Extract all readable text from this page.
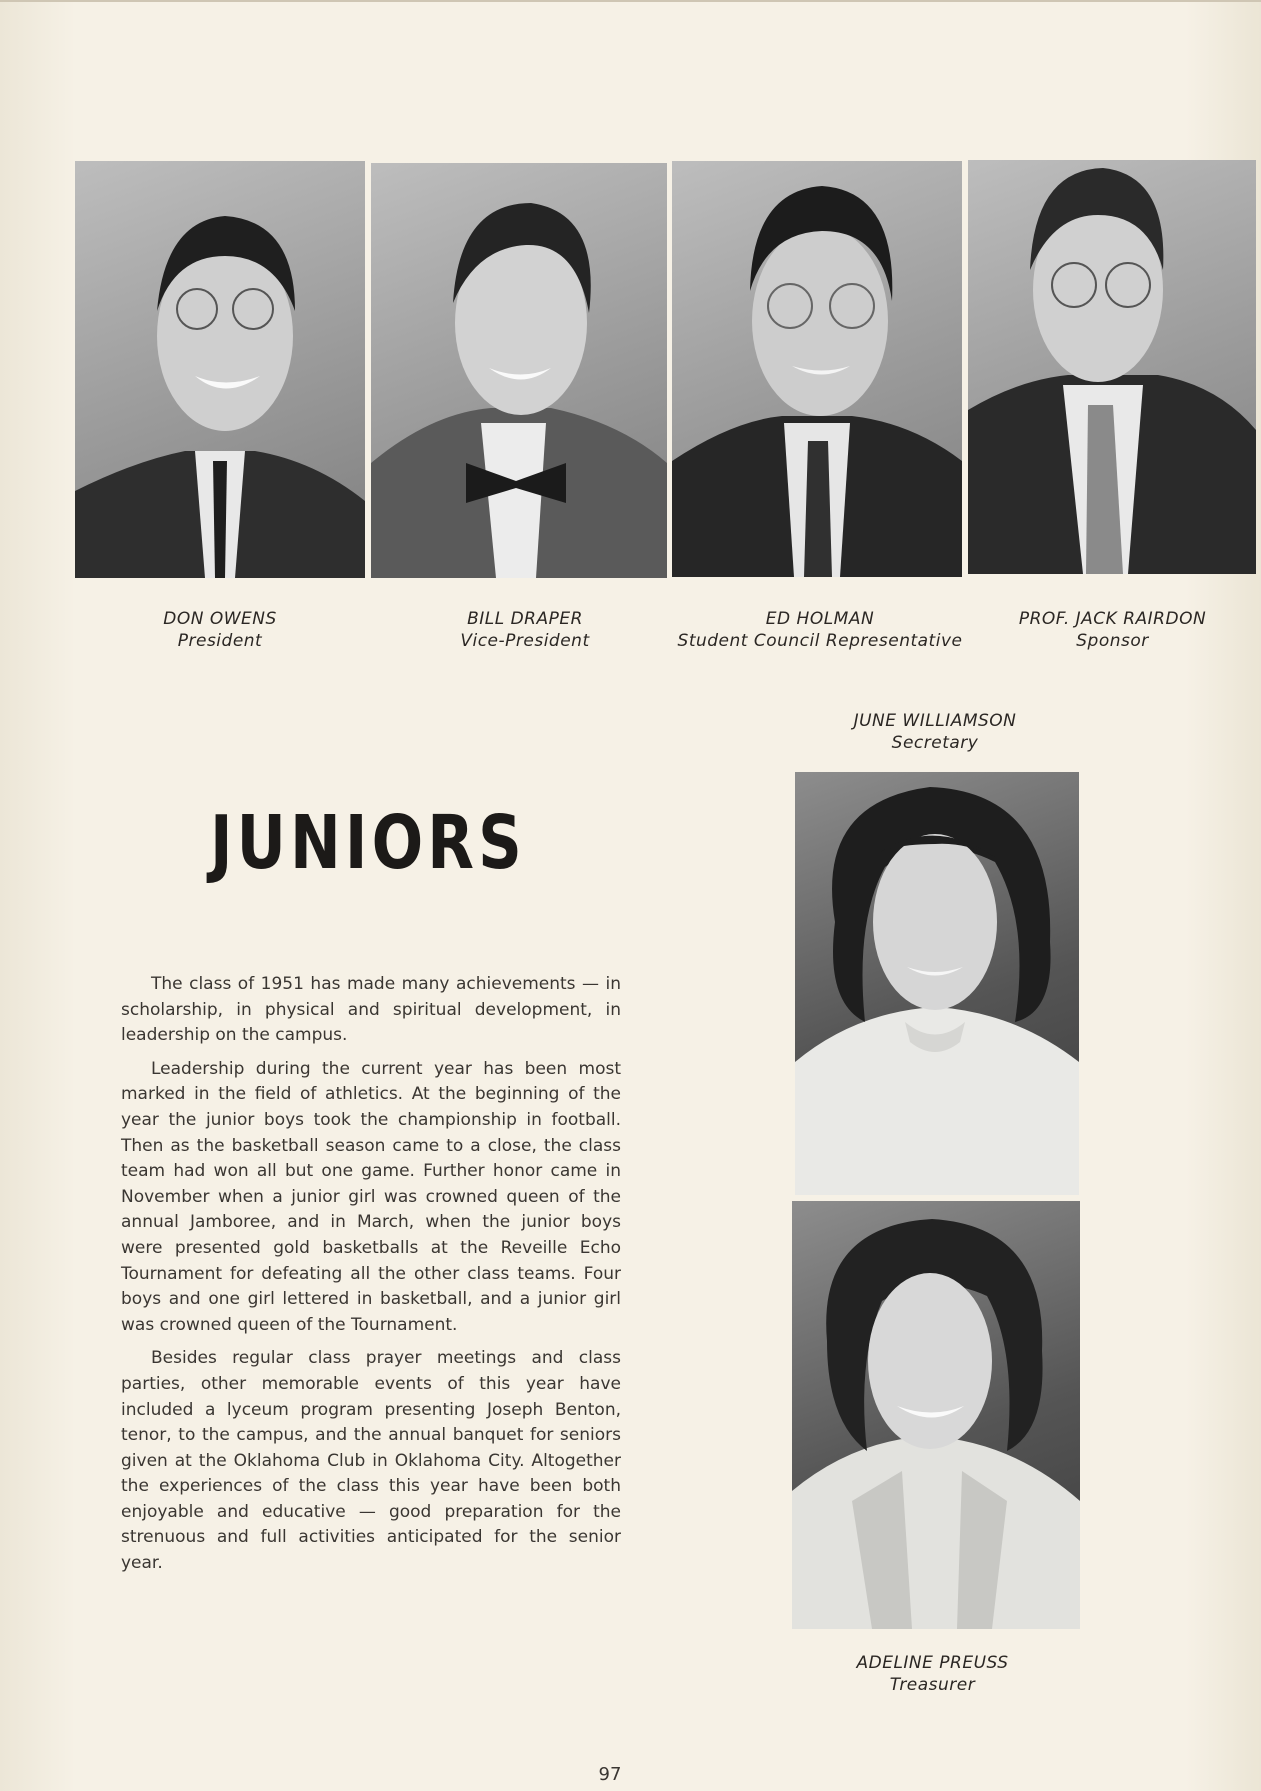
DON OWENS
President
BILL DRAPER
Vice-President
ED HOLMAN
Student Council Representative
PROF. JACK RAIRDON
Sponsor
JUNE WILLIAMSON
Secretary
ADELINE PREUSS
Treasurer
JUNIORS

The class of 1951 has made many achievements — in scholarship, in physical and spiritual development, in leadership on the campus.

Leadership during the current year has been most marked in the field of athletics. At the beginning of the year the junior boys took the championship in football. Then as the basketball season came to a close, the class team had won all but one game. Further honor came in November when a junior girl was crowned queen of the annual Jamboree, and in March, when the junior boys were presented gold basketballs at the Reveille Echo Tournament for defeating all the other class teams. Four boys and one girl lettered in basketball, and a junior girl was crowned queen of the Tournament.

Besides regular class prayer meetings and class parties, other memorable events of this year have included a lyceum program presenting Joseph Benton, tenor, to the campus, and the annual banquet for seniors given at the Oklahoma Club in Oklahoma City. Altogether the experiences of the class this year have been both enjoyable and educative — good preparation for the strenuous and full activities anticipated for the senior year.

97
